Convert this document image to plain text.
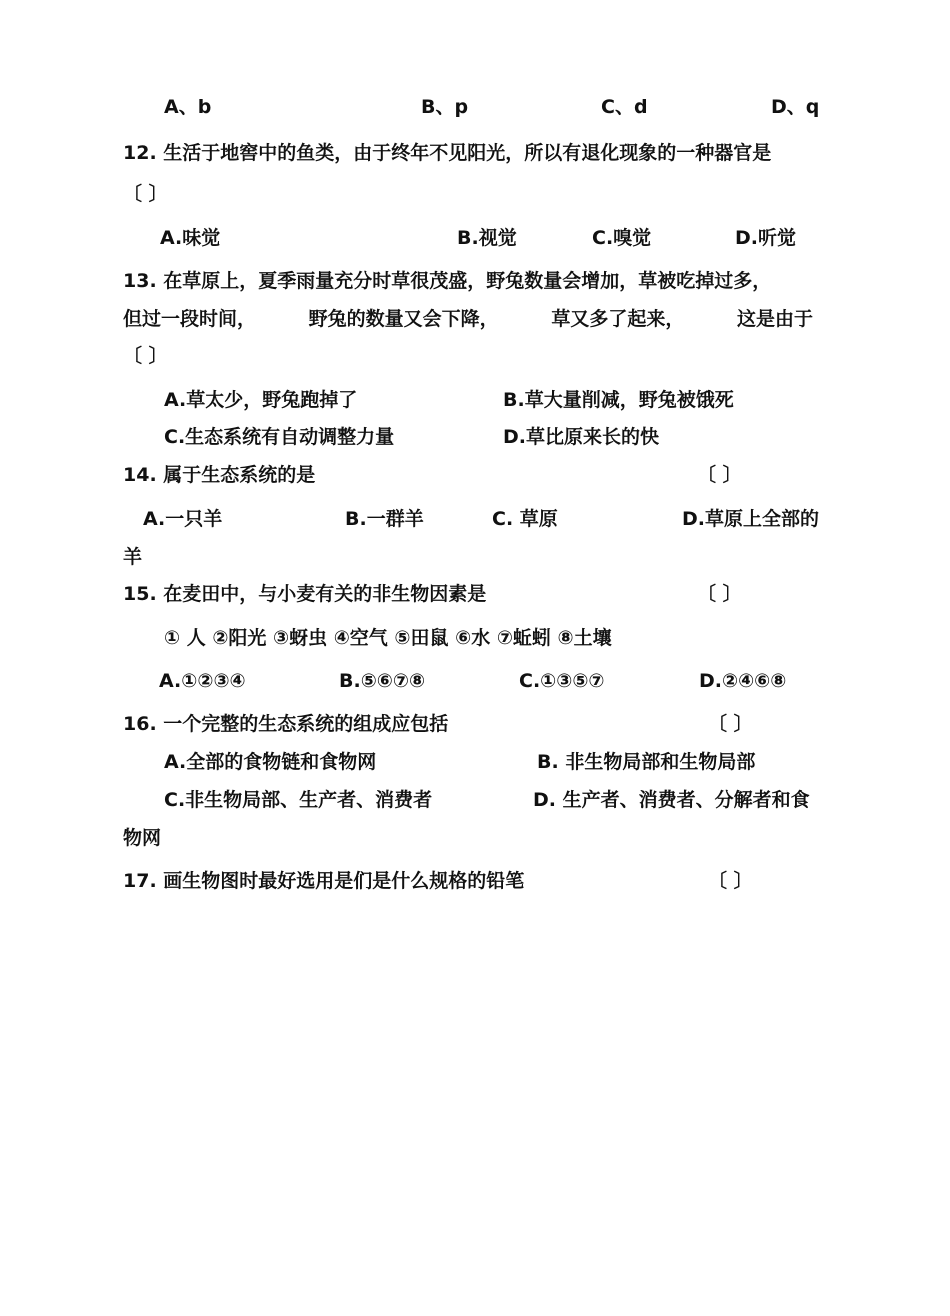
A、b	B、p	C、d	D、q
12. 生活于地窖中的鱼类，由于终年不见阳光，所以有退化现象的一种器官是
〔 〕
A.味觉	B.视觉	C.嗅觉	D.听觉
13. 在草原上，夏季雨量充分时草很茂盛，野兔数量会增加，草被吃掉过多，
但过一段时间，	野兔的数量又会下降，	草又多了起来，	这是由于
〔 〕
A.草太少，野兔跑掉了	B.草大量削减，野兔被饿死
C.生态系统有自动调整力量	D.草比原来长的快
14. 属于生态系统的是	〔 〕
A.一只羊	B.一群羊	C. 草原	D.草原上全部的
羊
15. 在麦田中，与小麦有关的非生物因素是	〔 〕
① 人 ②阳光 ③蚜虫 ④空气 ⑤田鼠 ⑥水 ⑦蚯蚓 ⑧土壤
A.①②③④	B.⑤⑥⑦⑧	C.①③⑤⑦	D.②④⑥⑧
16. 一个完整的生态系统的组成应包括	〔 〕
A.全部的食物链和食物网	B. 非生物局部和生物局部
C.非生物局部、生产者、消费者	D. 生产者、消费者、分解者和食
物网
17. 画生物图时最好选用是们是什么规格的铅笔	〔 〕
